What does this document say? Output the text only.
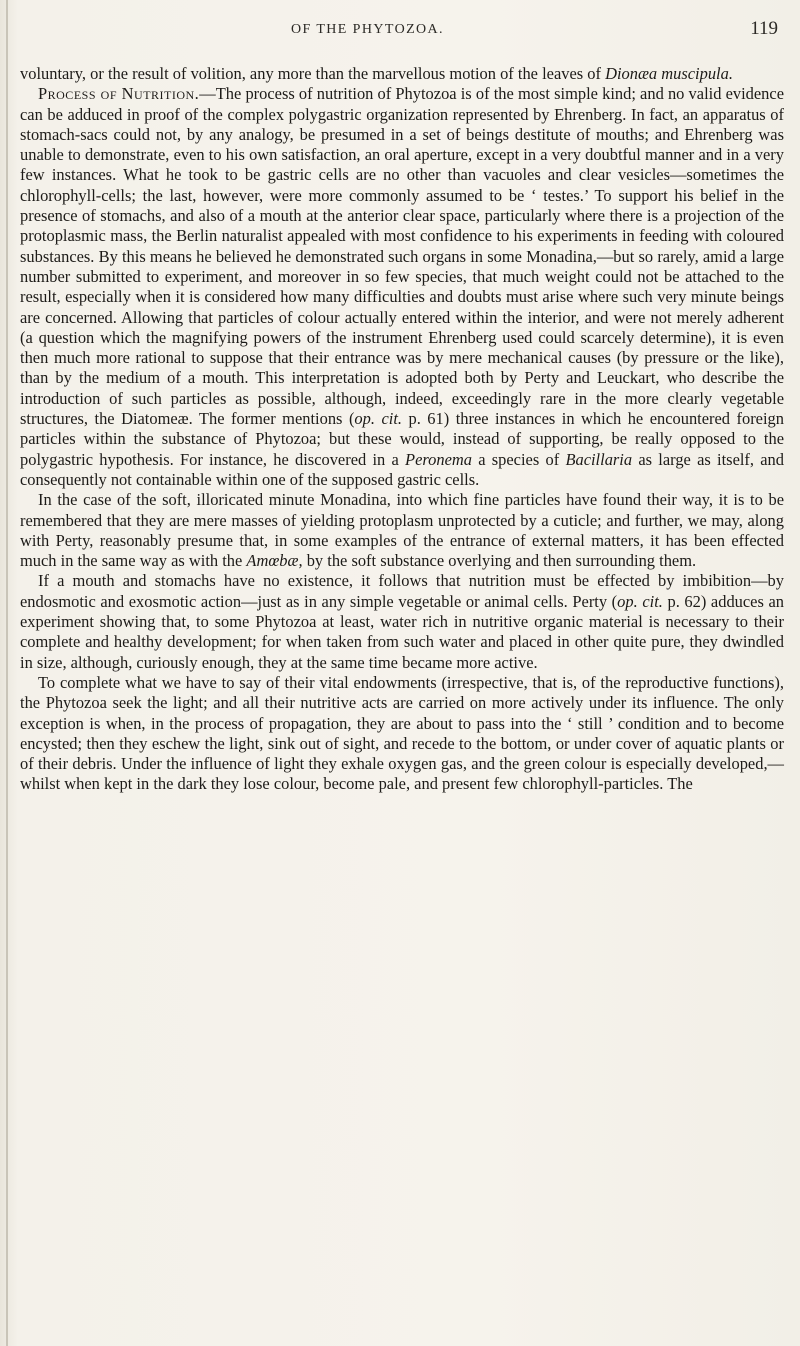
OF THE PHYTOZOA.	119

voluntary, or the result of volition, any more than the marvellous motion of the leaves of Dionæa muscipula.

Process of Nutrition.—The process of nutrition of Phytozoa is of the most simple kind; and no valid evidence can be adduced in proof of the complex polygastric organization represented by Ehrenberg. In fact, an apparatus of stomach-sacs could not, by any analogy, be presumed in a set of beings destitute of mouths; and Ehrenberg was unable to demonstrate, even to his own satisfaction, an oral aperture, except in a very doubtful manner and in a very few instances. What he took to be gastric cells are no other than vacuoles and clear vesicles—sometimes the chlorophyll-cells; the last, however, were more commonly assumed to be ‘ testes.’ To support his belief in the presence of stomachs, and also of a mouth at the anterior clear space, particularly where there is a projection of the protoplasmic mass, the Berlin naturalist appealed with most confidence to his experiments in feeding with coloured substances. By this means he believed he demonstrated such organs in some Monadina,—but so rarely, amid a large number submitted to experiment, and moreover in so few species, that much weight could not be attached to the result, especially when it is considered how many difficulties and doubts must arise where such very minute beings are concerned. Allowing that particles of colour actually entered within the interior, and were not merely adherent (a question which the magnifying powers of the instrument Ehrenberg used could scarcely determine), it is even then much more rational to suppose that their entrance was by mere mechanical causes (by pressure or the like), than by the medium of a mouth. This interpretation is adopted both by Perty and Leuckart, who describe the introduction of such particles as possible, although, indeed, exceedingly rare in the more clearly vegetable structures, the Diatomeæ. The former mentions (op. cit. p. 61) three instances in which he encountered foreign particles within the substance of Phytozoa; but these would, instead of supporting, be really opposed to the polygastric hypothesis. For instance, he discovered in a Peronema a species of Bacillaria as large as itself, and consequently not containable within one of the supposed gastric cells.

In the case of the soft, illoricated minute Monadina, into which fine particles have found their way, it is to be remembered that they are mere masses of yielding protoplasm unprotected by a cuticle; and further, we may, along with Perty, reasonably presume that, in some examples of the entrance of external matters, it has been effected much in the same way as with the Amœbæ, by the soft substance overlying and then surrounding them.

If a mouth and stomachs have no existence, it follows that nutrition must be effected by imbibition—by endosmotic and exosmotic action—just as in any simple vegetable or animal cells. Perty (op. cit. p. 62) adduces an experiment showing that, to some Phytozoa at least, water rich in nutritive organic material is necessary to their complete and healthy development; for when taken from such water and placed in other quite pure, they dwindled in size, although, curiously enough, they at the same time became more active.

To complete what we have to say of their vital endowments (irrespective, that is, of the reproductive functions), the Phytozoa seek the light; and all their nutritive acts are carried on more actively under its influence. The only exception is when, in the process of propagation, they are about to pass into the ‘ still ’ condition and to become encysted; then they eschew the light, sink out of sight, and recede to the bottom, or under cover of aquatic plants or of their debris. Under the influence of light they exhale oxygen gas, and the green colour is especially developed,—whilst when kept in the dark they lose colour, become pale, and present few chlorophyll-particles. The
